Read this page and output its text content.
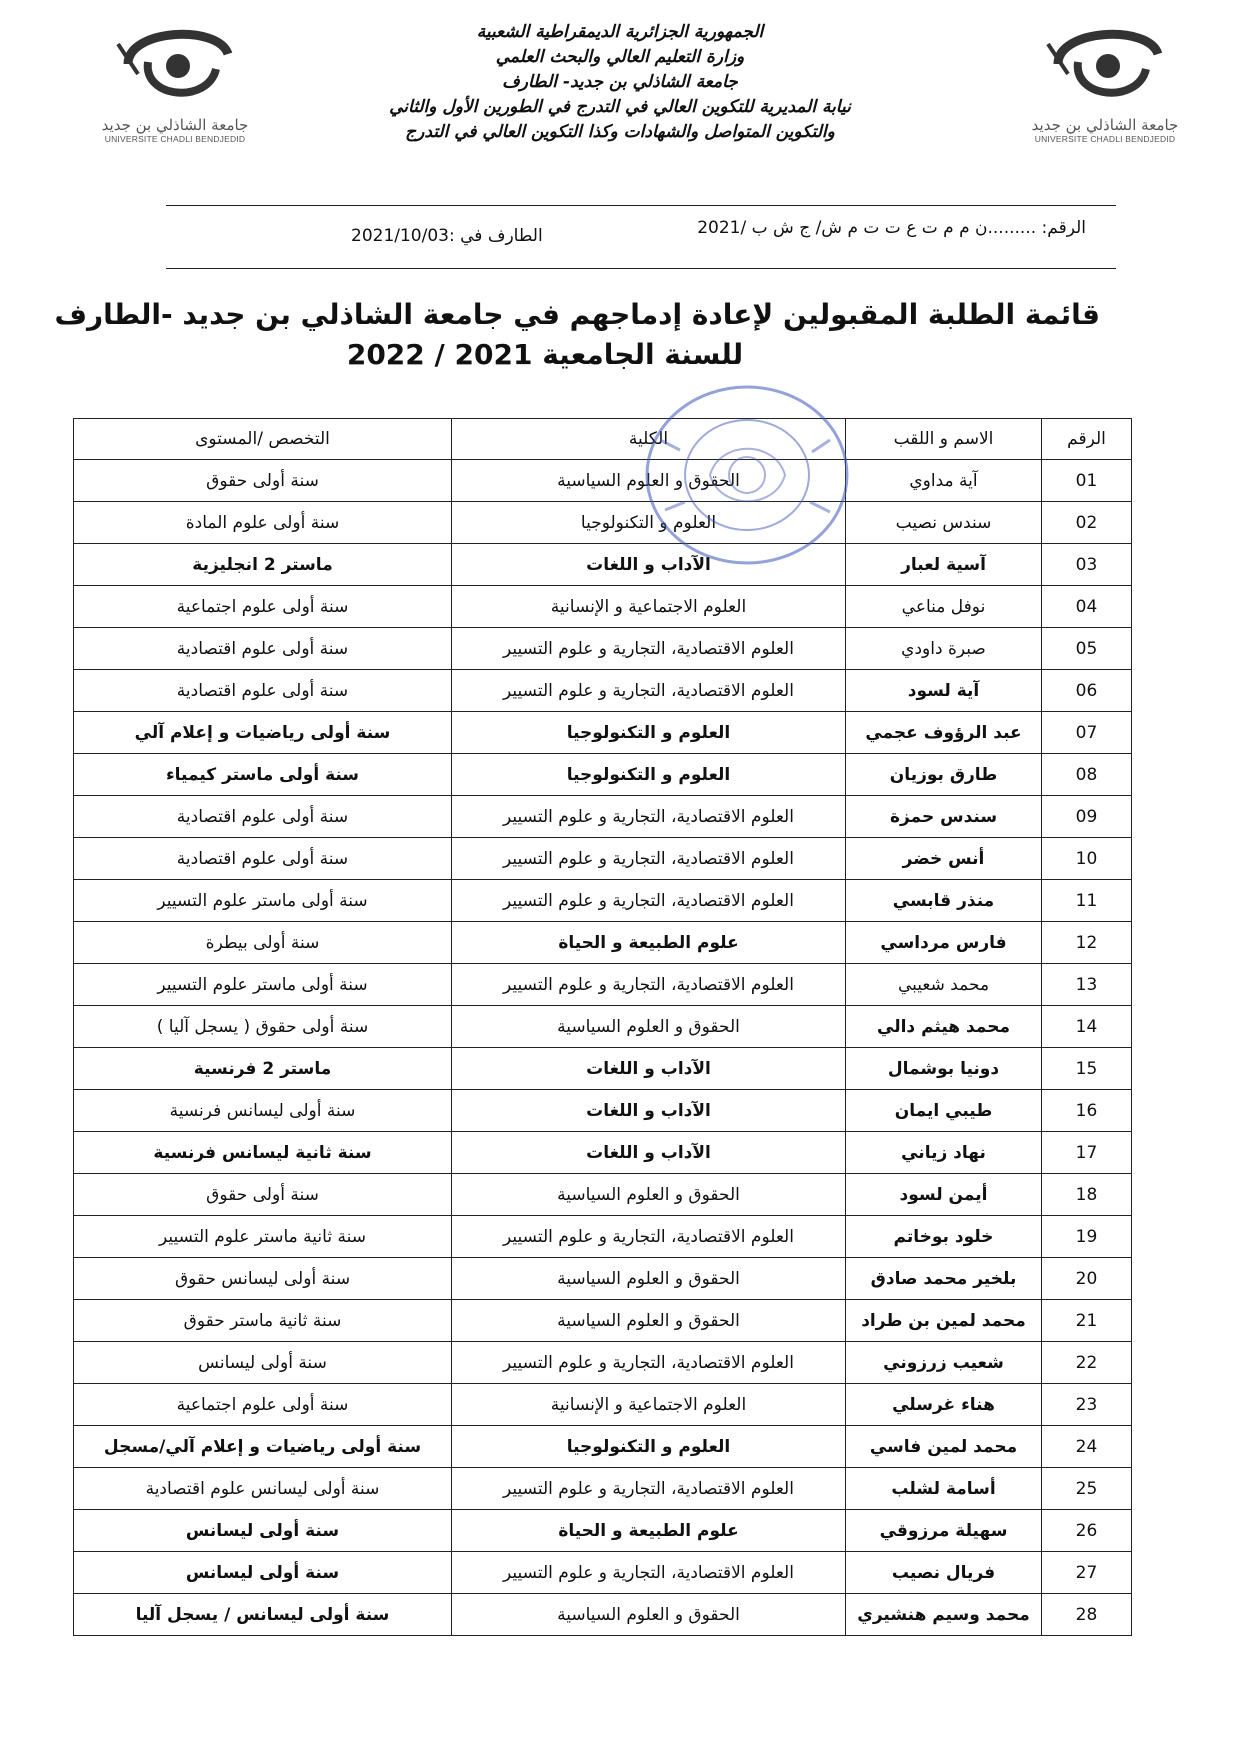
جامعة الشاذلي بن جديد
UNIVERSITE CHADLI BENDJEDID
جامعة الشاذلي بن جديد
UNIVERSITE CHADLI BENDJEDID
الجمهورية الجزائرية الديمقراطية الشعبية
وزارة التعليم العالي والبحث العلمي
جامعة الشاذلي بن جديد- الطارف
نيابة المديرية للتكوين العالي في التدرج في الطورين الأول والثاني
والتكوين المتواصل والشهادات وكذا التكوين العالي في التدرج
الرقم: .........ن م م ت ع ت ت م ش/ ج ش ب /2021
الطارف في :2021/10/03
قائمة الطلبة المقبولين لإعادة إدماجهم في جامعة الشاذلي بن جديد -الطارف
للسنة الجامعية 2021 / 2022
الرقم	الاسم و اللقب	الكلية	التخصص /المستوى
01	آية مداوي	الحقوق و العلوم السياسية	سنة أولى حقوق
02	سندس نصيب	العلوم و التكنولوجيا	سنة أولى علوم المادة
03	آسية لعبار	الآداب و اللغات	ماستر 2 انجليزية
04	نوفل مناعي	العلوم الاجتماعية و الإنسانية	سنة أولى علوم اجتماعية
05	صبرة داودي	العلوم الاقتصادية، التجارية و علوم التسيير	سنة أولى علوم اقتصادية
06	آية لسود	العلوم الاقتصادية، التجارية و علوم التسيير	سنة أولى علوم اقتصادية
07	عبد الرؤوف عجمي	العلوم و التكنولوجيا	سنة أولى رياضيات و إعلام آلي
08	طارق بوزيان	العلوم و التكنولوجيا	سنة أولى ماستر كيمياء
09	سندس حمزة	العلوم الاقتصادية، التجارية و علوم التسيير	سنة أولى علوم اقتصادية
10	أنس خضر	العلوم الاقتصادية، التجارية و علوم التسيير	سنة أولى علوم اقتصادية
11	منذر قابسي	العلوم الاقتصادية، التجارية و علوم التسيير	سنة أولى ماستر علوم التسيير
12	فارس مرداسي	علوم الطبيعة و الحياة	سنة أولى بيطرة
13	محمد شعيبي	العلوم الاقتصادية، التجارية و علوم التسيير	سنة أولى ماستر علوم التسيير
14	محمد هيثم دالي	الحقوق و العلوم السياسية	سنة أولى حقوق ( يسجل آليا )
15	دونيا بوشمال	الآداب و اللغات	ماستر 2 فرنسية
16	طيبي ايمان	الآداب و اللغات	سنة أولى ليسانس فرنسية
17	نهاد زياني	الآداب و اللغات	سنة ثانية ليسانس فرنسية
18	أيمن لسود	الحقوق و العلوم السياسية	سنة أولى حقوق
19	خلود بوخاتم	العلوم الاقتصادية، التجارية و علوم التسيير	سنة ثانية ماستر علوم التسيير
20	بلخير محمد صادق	الحقوق و العلوم السياسية	سنة أولى ليسانس حقوق
21	محمد لمين بن طراد	الحقوق و العلوم السياسية	سنة ثانية ماستر حقوق
22	شعيب زرزوني	العلوم الاقتصادية، التجارية و علوم التسيير	سنة أولى ليسانس
23	هناء غرسلي	العلوم الاجتماعية و الإنسانية	سنة أولى علوم اجتماعية
24	محمد لمين فاسي	العلوم و التكنولوجيا	سنة أولى رياضيات و إعلام آلي/مسجل
25	أسامة لشلب	العلوم الاقتصادية، التجارية و علوم التسيير	سنة أولى ليسانس علوم اقتصادية
26	سهيلة مرزوقي	علوم الطبيعة و الحياة	سنة أولى ليسانس
27	فريال نصيب	العلوم الاقتصادية، التجارية و علوم التسيير	سنة أولى ليسانس
28	محمد وسيم هنشيري	الحقوق و العلوم السياسية	سنة أولى ليسانس / يسجل آليا
